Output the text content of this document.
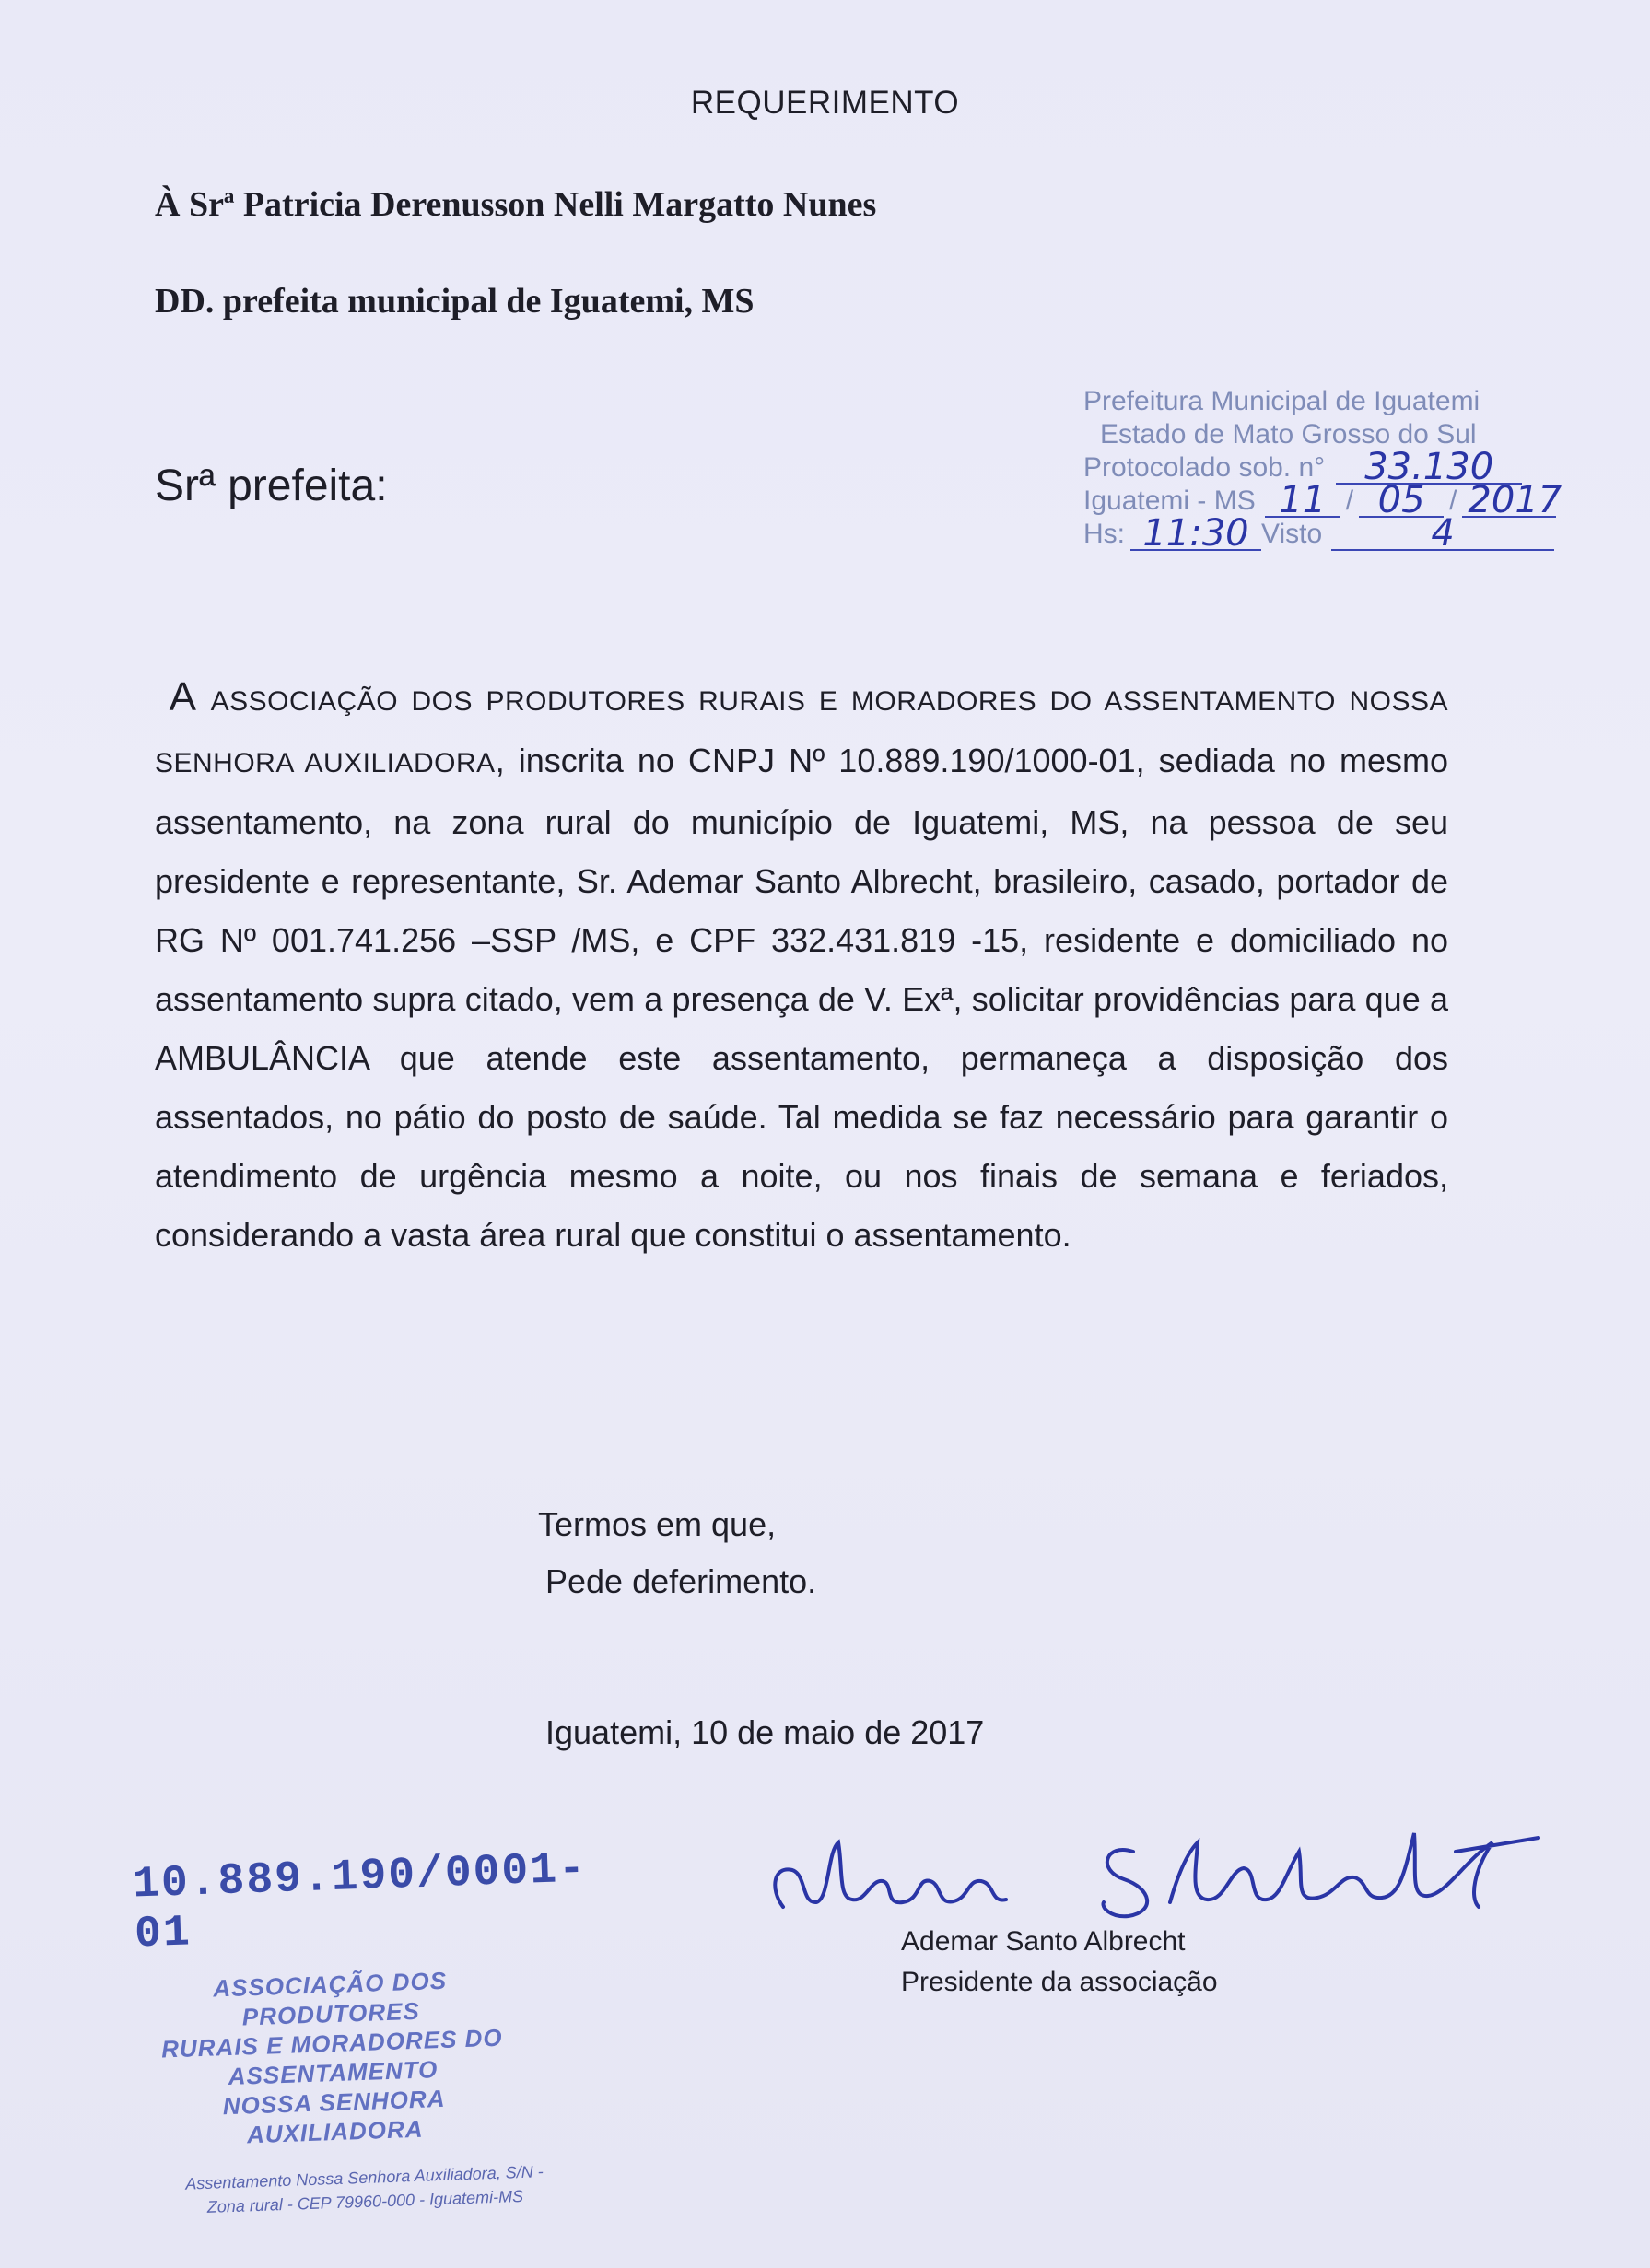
REQUERIMENTO
À Srª Patricia Derenusson Nelli Margatto Nunes
DD. prefeita municipal de Iguatemi, MS
Srª prefeita:
Prefeitura Municipal de Iguatemi
Estado de Mato Grosso do Sul
Protocolado sob. n°	33.130
Iguatemi - MS 11 / 05 / 2017
Hs: 11:30 Visto	4
A ASSOCIAÇÃO DOS PRODUTORES RURAIS E MORADORES DO ASSENTAMENTO NOSSA SENHORA AUXILIADORA, inscrita no CNPJ Nº 10.889.190/1000-01, sediada no mesmo assentamento, na zona rural do município de Iguatemi, MS, na pessoa de seu presidente e representante, Sr. Ademar Santo Albrecht, brasileiro, casado, portador de RG Nº 001.741.256 –SSP /MS, e CPF 332.431.819 -15, residente e domiciliado no assentamento supra citado, vem a presença de V. Exª, solicitar providências para que a AMBULÂNCIA que atende este assentamento, permaneça a disposição dos assentados, no pátio do posto de saúde. Tal medida se faz necessário para garantir o atendimento de urgência mesmo a noite, ou nos finais de semana e feriados, considerando a vasta área rural que constitui o assentamento.
Termos em que,
Pede deferimento.
Iguatemi, 10 de maio de 2017
10.889.190/0001-01
ASSOCIAÇÃO DOS PRODUTORES
RURAIS E MORADORES DO
ASSENTAMENTO
NOSSA SENHORA AUXILIADORA
Assentamento Nossa Senhora Auxiliadora, S/N -
Zona rural - CEP 79960-000 - Iguatemi-MS
Ademar Santo Albrecht
Presidente da associação
